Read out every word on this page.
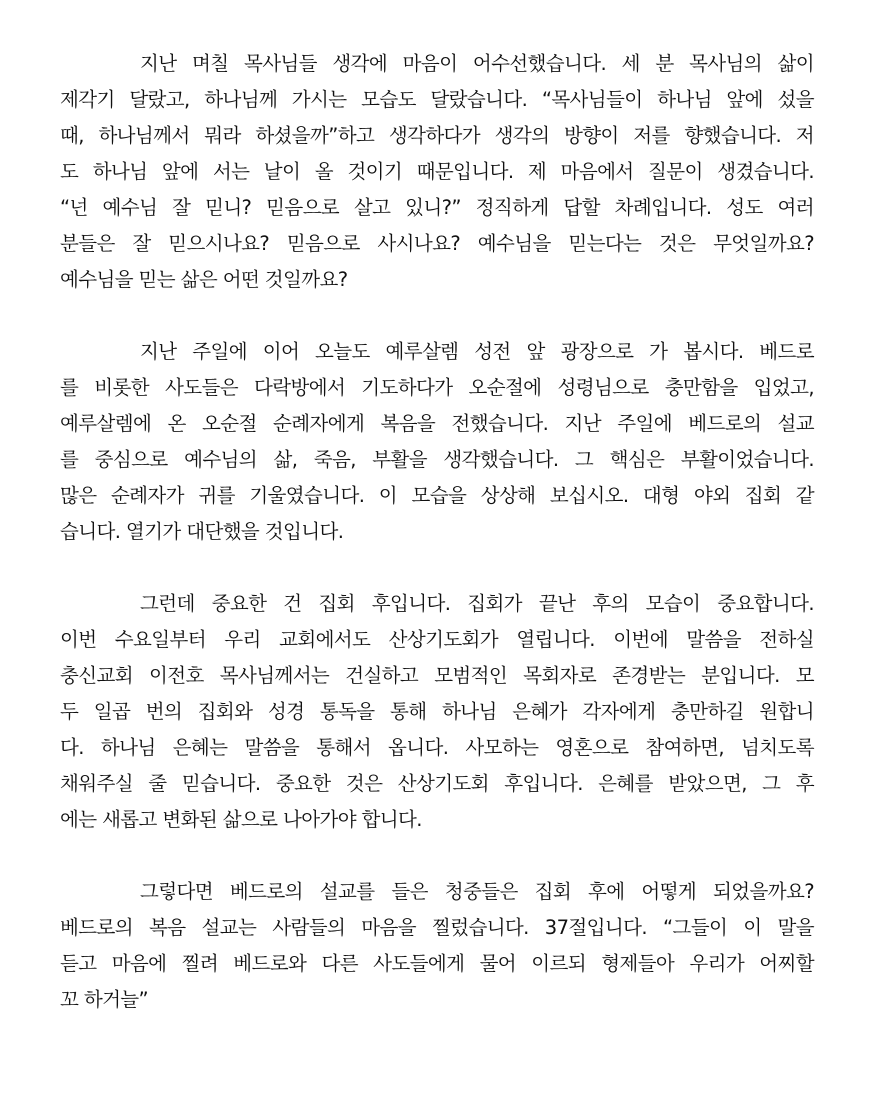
지난 며칠 목사님들 생각에 마음이 어수선했습니다. 세 분 목사님의 삶이
제각기 달랐고, 하나님께 가시는 모습도 달랐습니다. “목사님들이 하나님 앞에 섰을
때, 하나님께서 뭐라 하셨을까”하고 생각하다가 생각의 방향이 저를 향했습니다. 저
도 하나님 앞에 서는 날이 올 것이기 때문입니다. 제 마음에서 질문이 생겼습니다.
“넌 예수님 잘 믿니? 믿음으로 살고 있니?” 정직하게 답할 차례입니다. 성도 여러
분들은 잘 믿으시나요? 믿음으로 사시나요? 예수님을 믿는다는 것은 무엇일까요?
예수님을 믿는 삶은 어떤 것일까요?
지난 주일에 이어 오늘도 예루살렘 성전 앞 광장으로 가 봅시다. 베드로
를 비롯한 사도들은 다락방에서 기도하다가 오순절에 성령님으로 충만함을 입었고,
예루살렘에 온 오순절 순례자에게 복음을 전했습니다. 지난 주일에 베드로의 설교
를 중심으로 예수님의 삶, 죽음, 부활을 생각했습니다. 그 핵심은 부활이었습니다.
많은 순례자가 귀를 기울였습니다. 이 모습을 상상해 보십시오. 대형 야외 집회 같
습니다. 열기가 대단했을 것입니다.
그런데 중요한 건 집회 후입니다. 집회가 끝난 후의 모습이 중요합니다.
이번 수요일부터 우리 교회에서도 산상기도회가 열립니다. 이번에 말씀을 전하실
충신교회 이전호 목사님께서는 건실하고 모범적인 목회자로 존경받는 분입니다. 모
두 일곱 번의 집회와 성경 통독을 통해 하나님 은혜가 각자에게 충만하길 원합니
다. 하나님 은혜는 말씀을 통해서 옵니다. 사모하는 영혼으로 참여하면, 넘치도록
채워주실 줄 믿습니다. 중요한 것은 산상기도회 후입니다. 은혜를 받았으면, 그 후
에는 새롭고 변화된 삶으로 나아가야 합니다.
그렇다면 베드로의 설교를 들은 청중들은 집회 후에 어떻게 되었을까요?
베드로의 복음 설교는 사람들의 마음을 찔렀습니다. 37절입니다. “그들이 이 말을
듣고 마음에 찔려 베드로와 다른 사도들에게 물어 이르되 형제들아 우리가 어찌할
꼬 하거늘”
